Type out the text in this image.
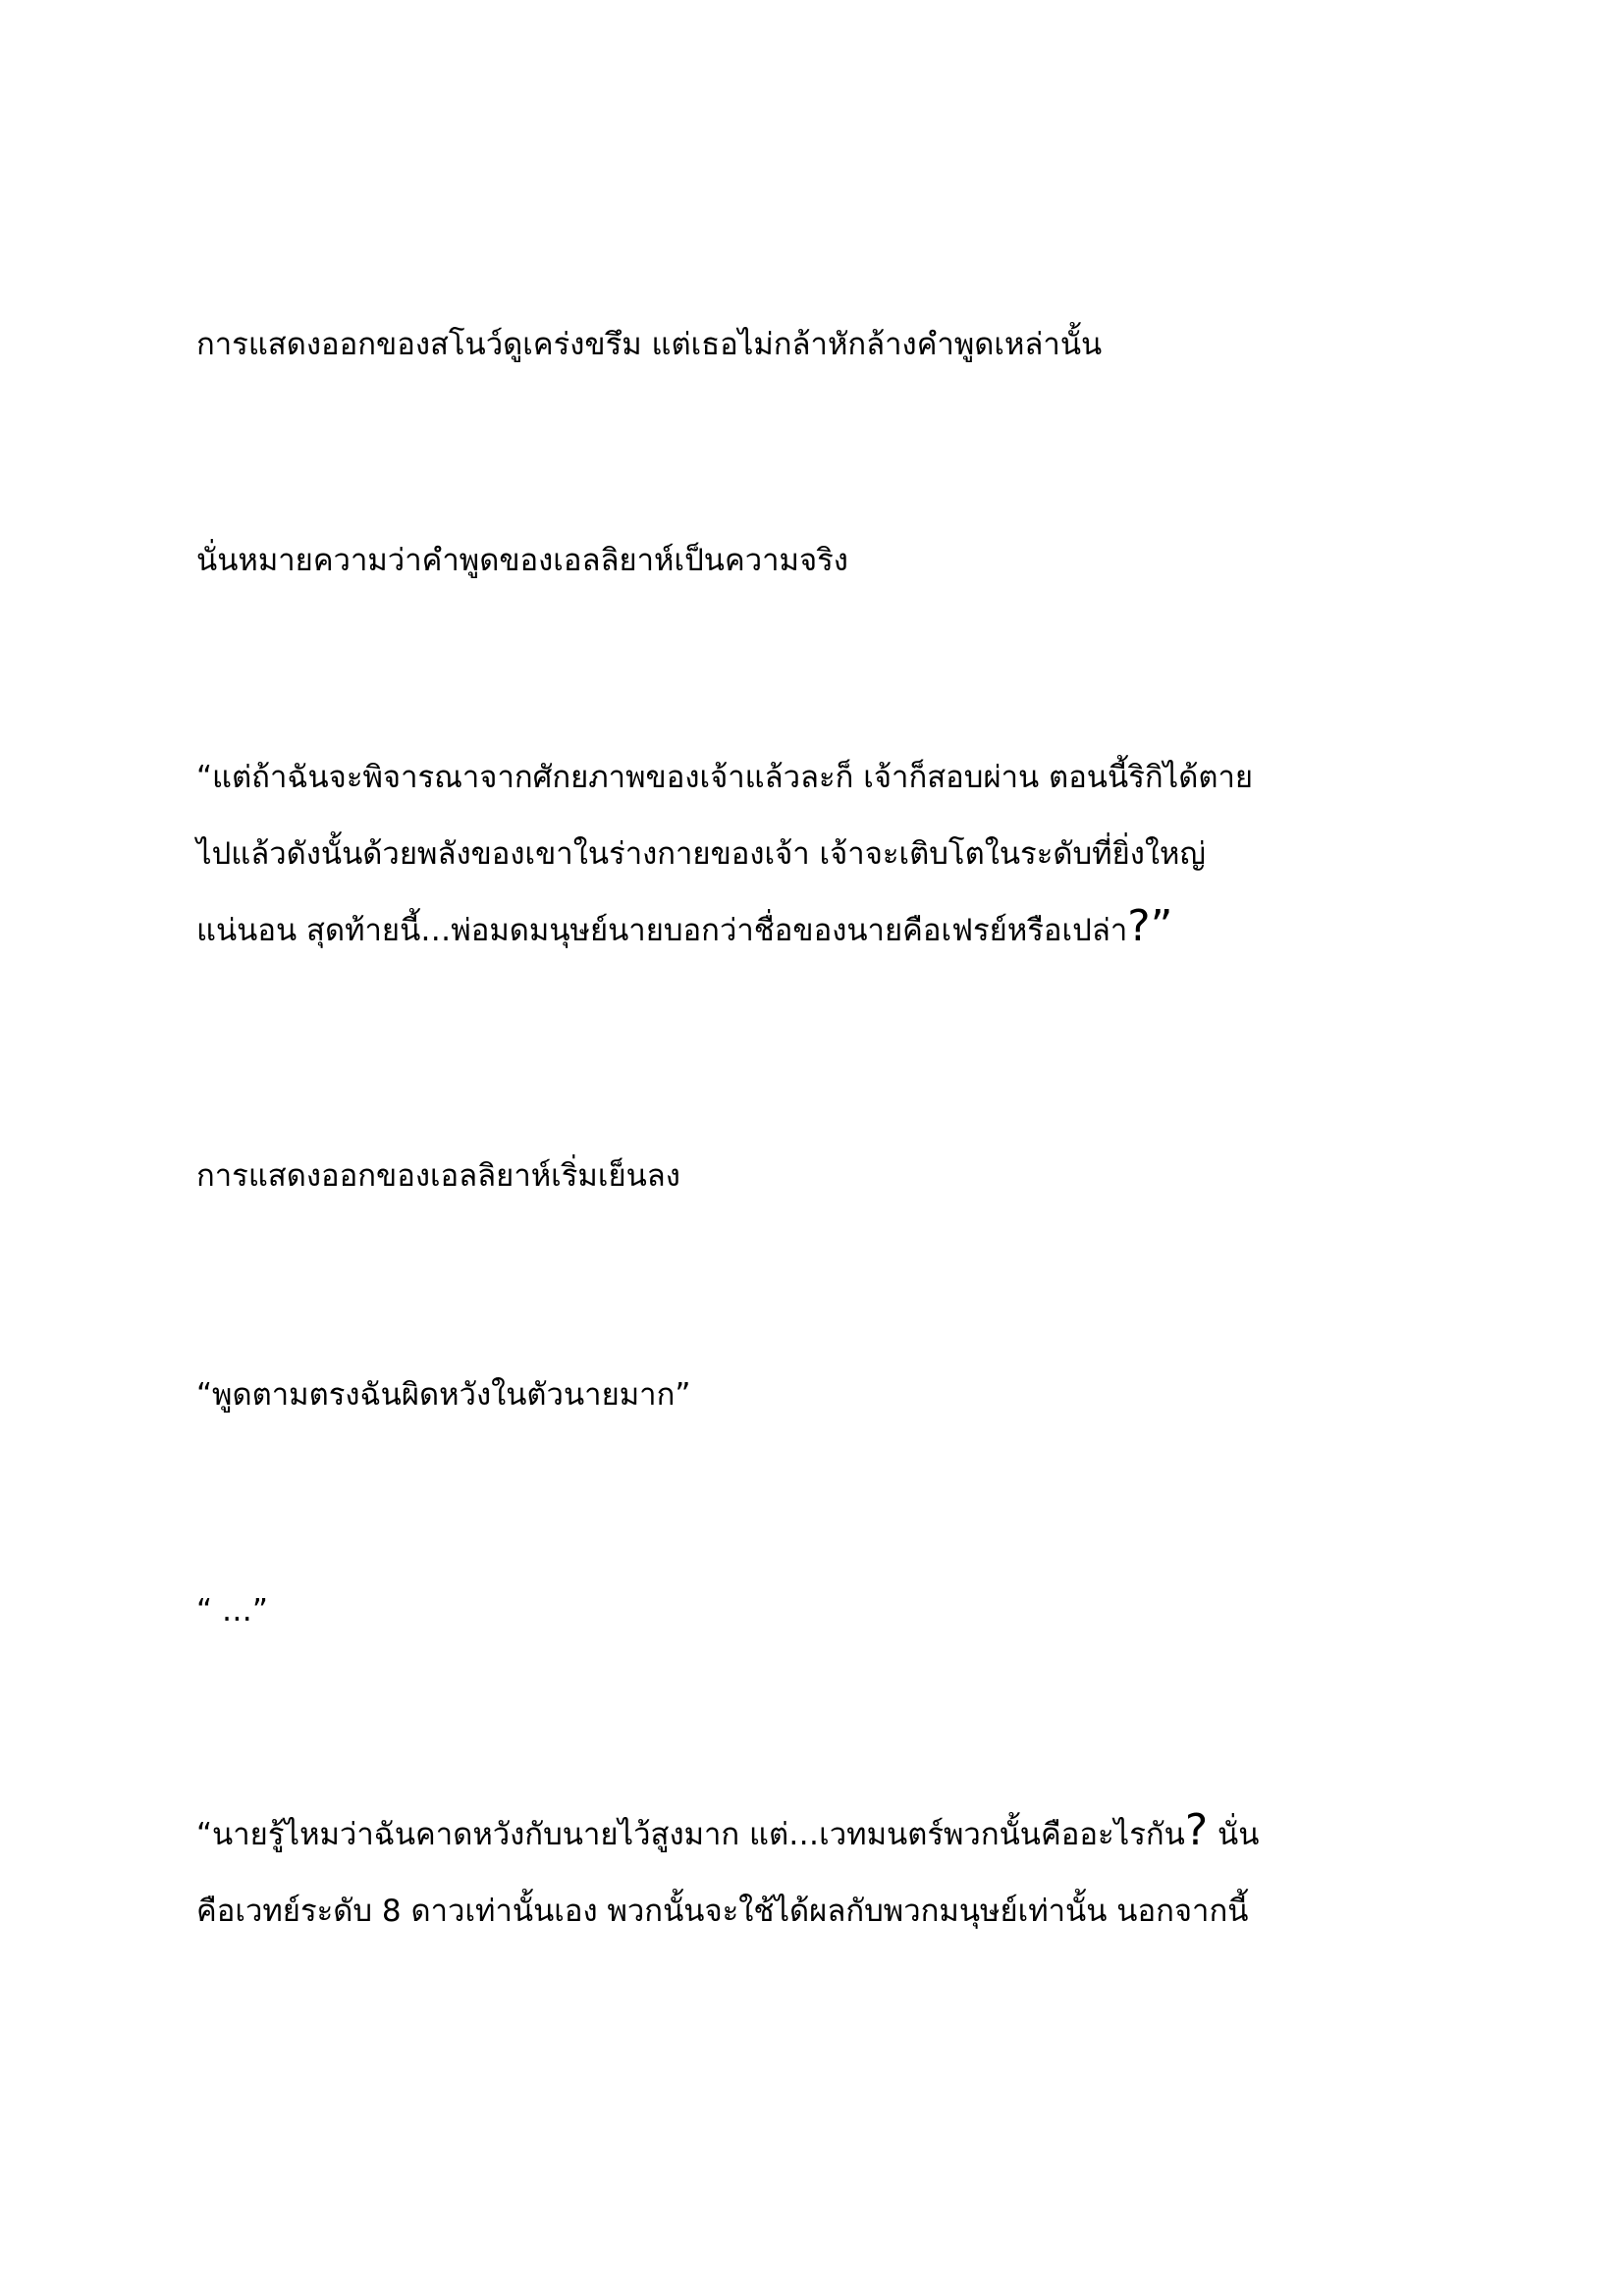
การแสดงออกของสโนว์ดูเคร่งขรึม แต่เธอไม่กล้าหักล้างคำพูดเหล่านั้น

นั่นหมายความว่าคำพูดของเอลลิยาห์เป็นความจริง

“แต่ถ้าฉันจะพิจารณาจากศักยภาพของเจ้าแล้วละก็ เจ้าก็สอบผ่าน ตอนนี้ริกิได้ตาย
ไปแล้วดังนั้นด้วยพลังของเขาในร่างกายของเจ้า เจ้าจะเติบโตในระดับที่ยิ่งใหญ่
แน่นอน สุดท้ายนี้…พ่อมดมนุษย์นายบอกว่าชื่อของนายคือเฟรย์หรือเปล่า?”

การแสดงออกของเอลลิยาห์เริ่มเย็นลง

“พูดตามตรงฉันผิดหวังในตัวนายมาก”

“ …”

“นายรู้ไหมว่าฉันคาดหวังกับนายไว้สูงมาก แต่…เวทมนตร์พวกนั้นคืออะไรกัน? นั่น
คือเวทย์ระดับ 8 ดาวเท่านั้นเอง พวกนั้นจะใช้ได้ผลกับพวกมนุษย์เท่านั้น นอกจากนี้
